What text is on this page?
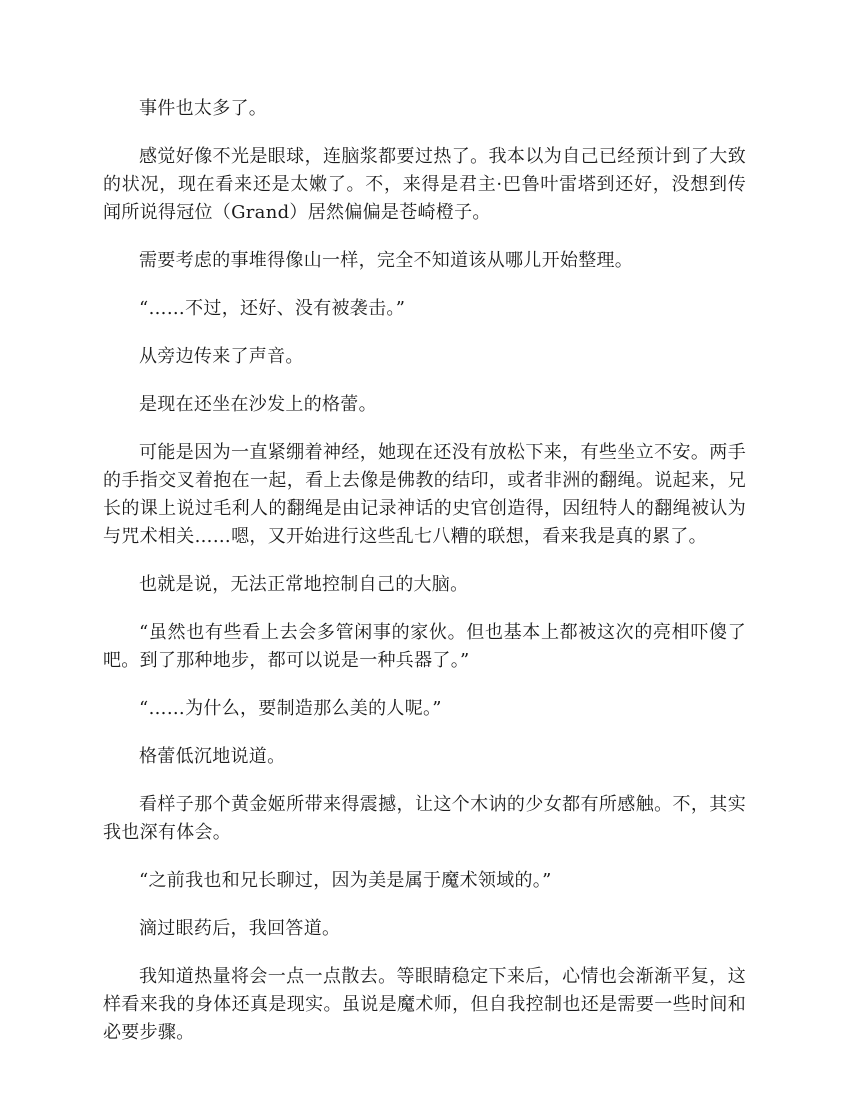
事件也太多了。

感觉好像不光是眼球，连脑浆都要过热了。我本以为自己已经预计到了大致的状况，现在看来还是太嫩了。不，来得是君主·巴鲁叶雷塔到还好，没想到传闻所说得冠位（Grand）居然偏偏是苍崎橙子。

需要考虑的事堆得像山一样，完全不知道该从哪儿开始整理。

“……不过，还好、没有被袭击。”

从旁边传来了声音。

是现在还坐在沙发上的格蕾。

可能是因为一直紧绷着神经，她现在还没有放松下来，有些坐立不安。两手的手指交叉着抱在一起，看上去像是佛教的结印，或者非洲的翻绳。说起来，兄长的课上说过毛利人的翻绳是由记录神话的史官创造得，因纽特人的翻绳被认为与咒术相关……嗯，又开始进行这些乱七八糟的联想，看来我是真的累了。

也就是说，无法正常地控制自己的大脑。

“虽然也有些看上去会多管闲事的家伙。但也基本上都被这次的亮相吓傻了吧。到了那种地步，都可以说是一种兵器了。”

“……为什么，要制造那么美的人呢。”

格蕾低沉地说道。

看样子那个黄金姬所带来得震撼，让这个木讷的少女都有所感触。不，其实我也深有体会。

“之前我也和兄长聊过，因为美是属于魔术领域的。”

滴过眼药后，我回答道。

我知道热量将会一点一点散去。等眼睛稳定下来后，心情也会渐渐平复，这样看来我的身体还真是现实。虽说是魔术师，但自我控制也还是需要一些时间和必要步骤。
